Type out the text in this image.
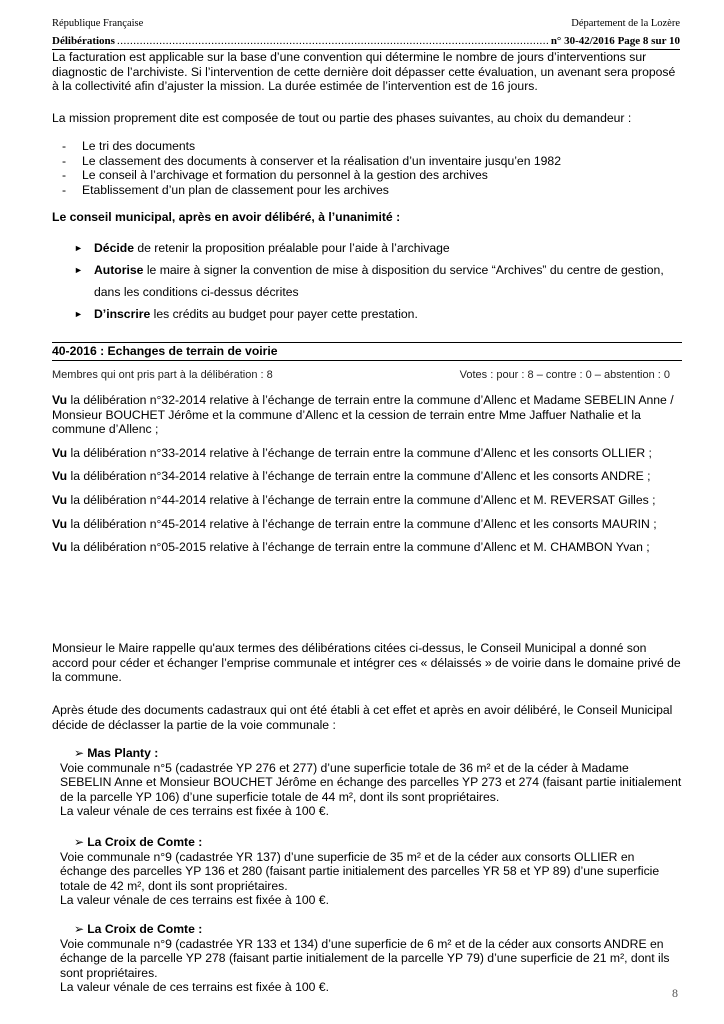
République Française	Département de la Lozère
Délibérations
.....	n° 30-42/2016
Page 8 sur 10

La facturation est applicable sur la base d’une convention qui détermine le nombre de jours d’interventions sur diagnostic de l’archiviste. Si l’intervention de cette dernière doit dépasser cette évaluation, un avenant sera proposé à la collectivité afin d’ajuster la mission. La durée estimée de l’intervention est de 16 jours.

La mission proprement dite est composée de tout ou partie des phases suivantes, au choix du demandeur :

- Le tri des documents
- Le classement des documents à conserver et la réalisation d’un inventaire jusqu’en 1982
- Le conseil à l’archivage et formation du personnel à la gestion des archives
- Etablissement d’un plan de classement pour les archives

Le conseil municipal, après en avoir délibéré, à l’unanimité :

► Décide de retenir la proposition préalable pour l’aide à l’archivage
► Autorise le maire à signer la convention de mise à disposition du service “Archives” du centre de gestion, dans les conditions ci-dessus décrites
► D’inscrire les crédits au budget pour payer cette prestation.

40-2016 : Echanges de terrain de voirie

Membres qui ont pris part à la délibération : 8	Votes : pour : 8 – contre : 0 – abstention : 0

Vu la délibération n°32-2014 relative à l’échange de terrain entre la commune d’Allenc et Madame SEBELIN Anne / Monsieur BOUCHET Jérôme et la commune d’Allenc et la cession de terrain entre Mme Jaffuer Nathalie et la commune d’Allenc ;

Vu la délibération n°33-2014 relative à l’échange de terrain entre la commune d’Allenc et les consorts OLLIER ;

Vu la délibération n°34-2014 relative à l’échange de terrain entre la commune d’Allenc et les consorts ANDRE ;

Vu la délibération n°44-2014 relative à l’échange de terrain entre la commune d’Allenc et M. REVERSAT Gilles ;

Vu la délibération n°45-2014 relative à l’échange de terrain entre la commune d’Allenc et les consorts MAURIN ;

Vu la délibération n°05-2015 relative à l’échange de terrain entre la commune d’Allenc et M. CHAMBON Yvan ;

Monsieur le Maire rappelle qu'aux termes des délibérations citées ci-dessus, le Conseil Municipal a donné son accord pour céder et échanger l’emprise communale et intégrer ces « délaissés » de voirie dans le domaine privé de la commune.

Après étude des documents cadastraux qui ont été établi à cet effet et après en avoir délibéré, le Conseil Municipal décide de déclasser la partie de la voie communale :

➢ Mas Planty :

Voie communale n°5 (cadastrée YP 276 et 277) d’une superficie totale de 36 m² et de la céder à Madame SEBELIN Anne et Monsieur BOUCHET Jérôme en échange des parcelles YP 273 et 274 (faisant partie initialement de la parcelle YP 106) d’une superficie totale de 44 m², dont ils sont propriétaires.

La valeur vénale de ces terrains est fixée à 100 €.

➢ La Croix de Comte :

Voie communale n°9 (cadastrée YR 137) d’une superficie de 35 m² et de la céder aux consorts OLLIER en échange des parcelles YP 136 et 280 (faisant partie initialement des parcelles YR 58 et YP 89) d’une superficie totale de 42 m², dont ils sont propriétaires.

La valeur vénale de ces terrains est fixée à 100 €.

➢ La Croix de Comte :

Voie communale n°9 (cadastrée YR 133 et 134) d’une superficie de 6 m² et de la céder aux consorts ANDRE en échange de la parcelle YP 278 (faisant partie initialement de la parcelle YP 79) d’une superficie de 21 m², dont ils sont propriétaires.

La valeur vénale de ces terrains est fixée à 100 €.	8
